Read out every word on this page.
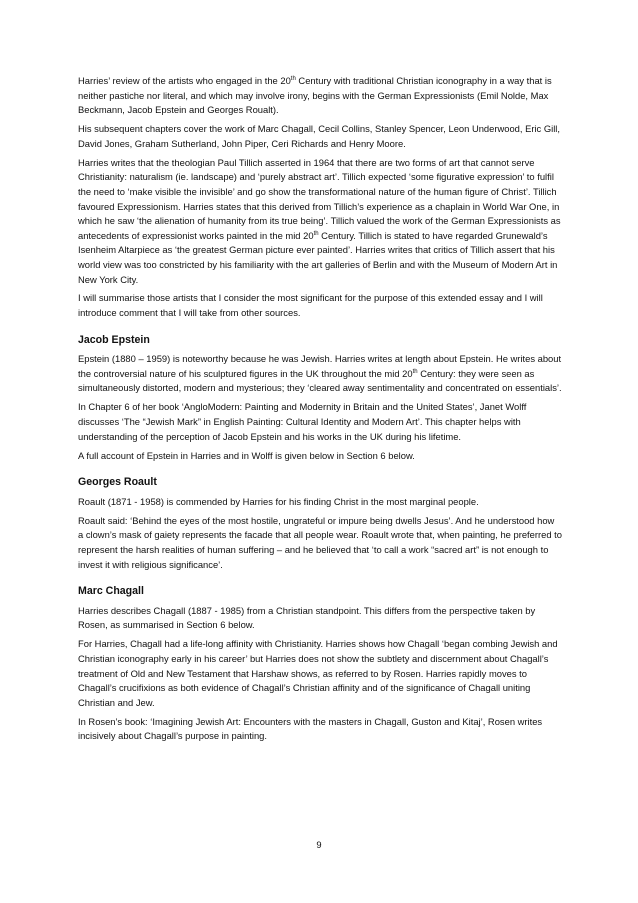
Harries’ review of the artists who engaged in the 20th Century with traditional Christian iconography in a way that is neither pastiche nor literal, and which may involve irony, begins with the German Expressionists (Emil Nolde, Max Beckmann, Jacob Epstein and Georges Roualt).

His subsequent chapters cover the work of Marc Chagall, Cecil Collins, Stanley Spencer, Leon Underwood, Eric Gill, David Jones, Graham Sutherland, John Piper, Ceri Richards and Henry Moore.

Harries writes that the theologian Paul Tillich asserted in 1964 that there are two forms of art that cannot serve Christianity: naturalism (ie. landscape) and ‘purely abstract art’. Tillich expected ‘some figurative expression’ to fulfil the need to ‘make visible the invisible’ and go show the transformational nature of the human figure of Christ’. Tillich favoured Expressionism. Harries states that this derived from Tillich’s experience as a chaplain in World War One, in which he saw ‘the alienation of humanity from its true being’. Tillich valued the work of the German Expressionists as antecedents of expressionist works painted in the mid 20th Century. Tillich is stated to have regarded Grunewald’s Isenheim Altarpiece as ‘the greatest German picture ever painted’. Harries writes that critics of Tillich assert that his world view was too constricted by his familiarity with the art galleries of Berlin and with the Museum of Modern Art in New York City.

I will summarise those artists that I consider the most significant for the purpose of this extended essay and I will introduce comment that I will take from other sources.

Jacob Epstein

Epstein (1880 – 1959) is noteworthy because he was Jewish. Harries writes at length about Epstein. He writes about the controversial nature of his sculptured figures in the UK throughout the mid 20th Century: they were seen as simultaneously distorted, modern and mysterious; they ‘cleared away sentimentality and concentrated on essentials’.

In Chapter 6 of her book ‘AngloModern: Painting and Modernity in Britain and the United States’, Janet Wolff discusses ‘The “Jewish Mark” in English Painting: Cultural Identity and Modern Art’. This chapter helps with understanding of the perception of Jacob Epstein and his works in the UK during his lifetime.

A full account of Epstein in Harries and in Wolff is given below in Section 6 below.

Georges Roault

Roault (1871 - 1958) is commended by Harries for his finding Christ in the most marginal people.

Roault said: ‘Behind the eyes of the most hostile, ungrateful or impure being dwells Jesus’. And he understood how a clown’s mask of gaiety represents the facade that all people wear. Roault wrote that, when painting, he preferred to represent the harsh realities of human suffering – and he believed that ‘to call a work “sacred art” is not enough to invest it with religious significance’.

Marc Chagall

Harries describes Chagall (1887 - 1985) from a Christian standpoint. This differs from the perspective taken by Rosen, as summarised in Section 6 below.

For Harries, Chagall had a life-long affinity with Christianity. Harries shows how Chagall ‘began combing Jewish and Christian iconography early in his career’ but Harries does not show the subtlety and discernment about Chagall’s treatment of Old and New Testament that Harshaw shows, as referred to by Rosen. Harries rapidly moves to Chagall’s crucifixions as both evidence of Chagall’s Christian affinity and of the significance of Chagall uniting Christian and Jew.

In Rosen’s book: ‘Imagining Jewish Art: Encounters with the masters in Chagall, Guston and Kitaj’, Rosen writes incisively about Chagall’s purpose in painting.

9
